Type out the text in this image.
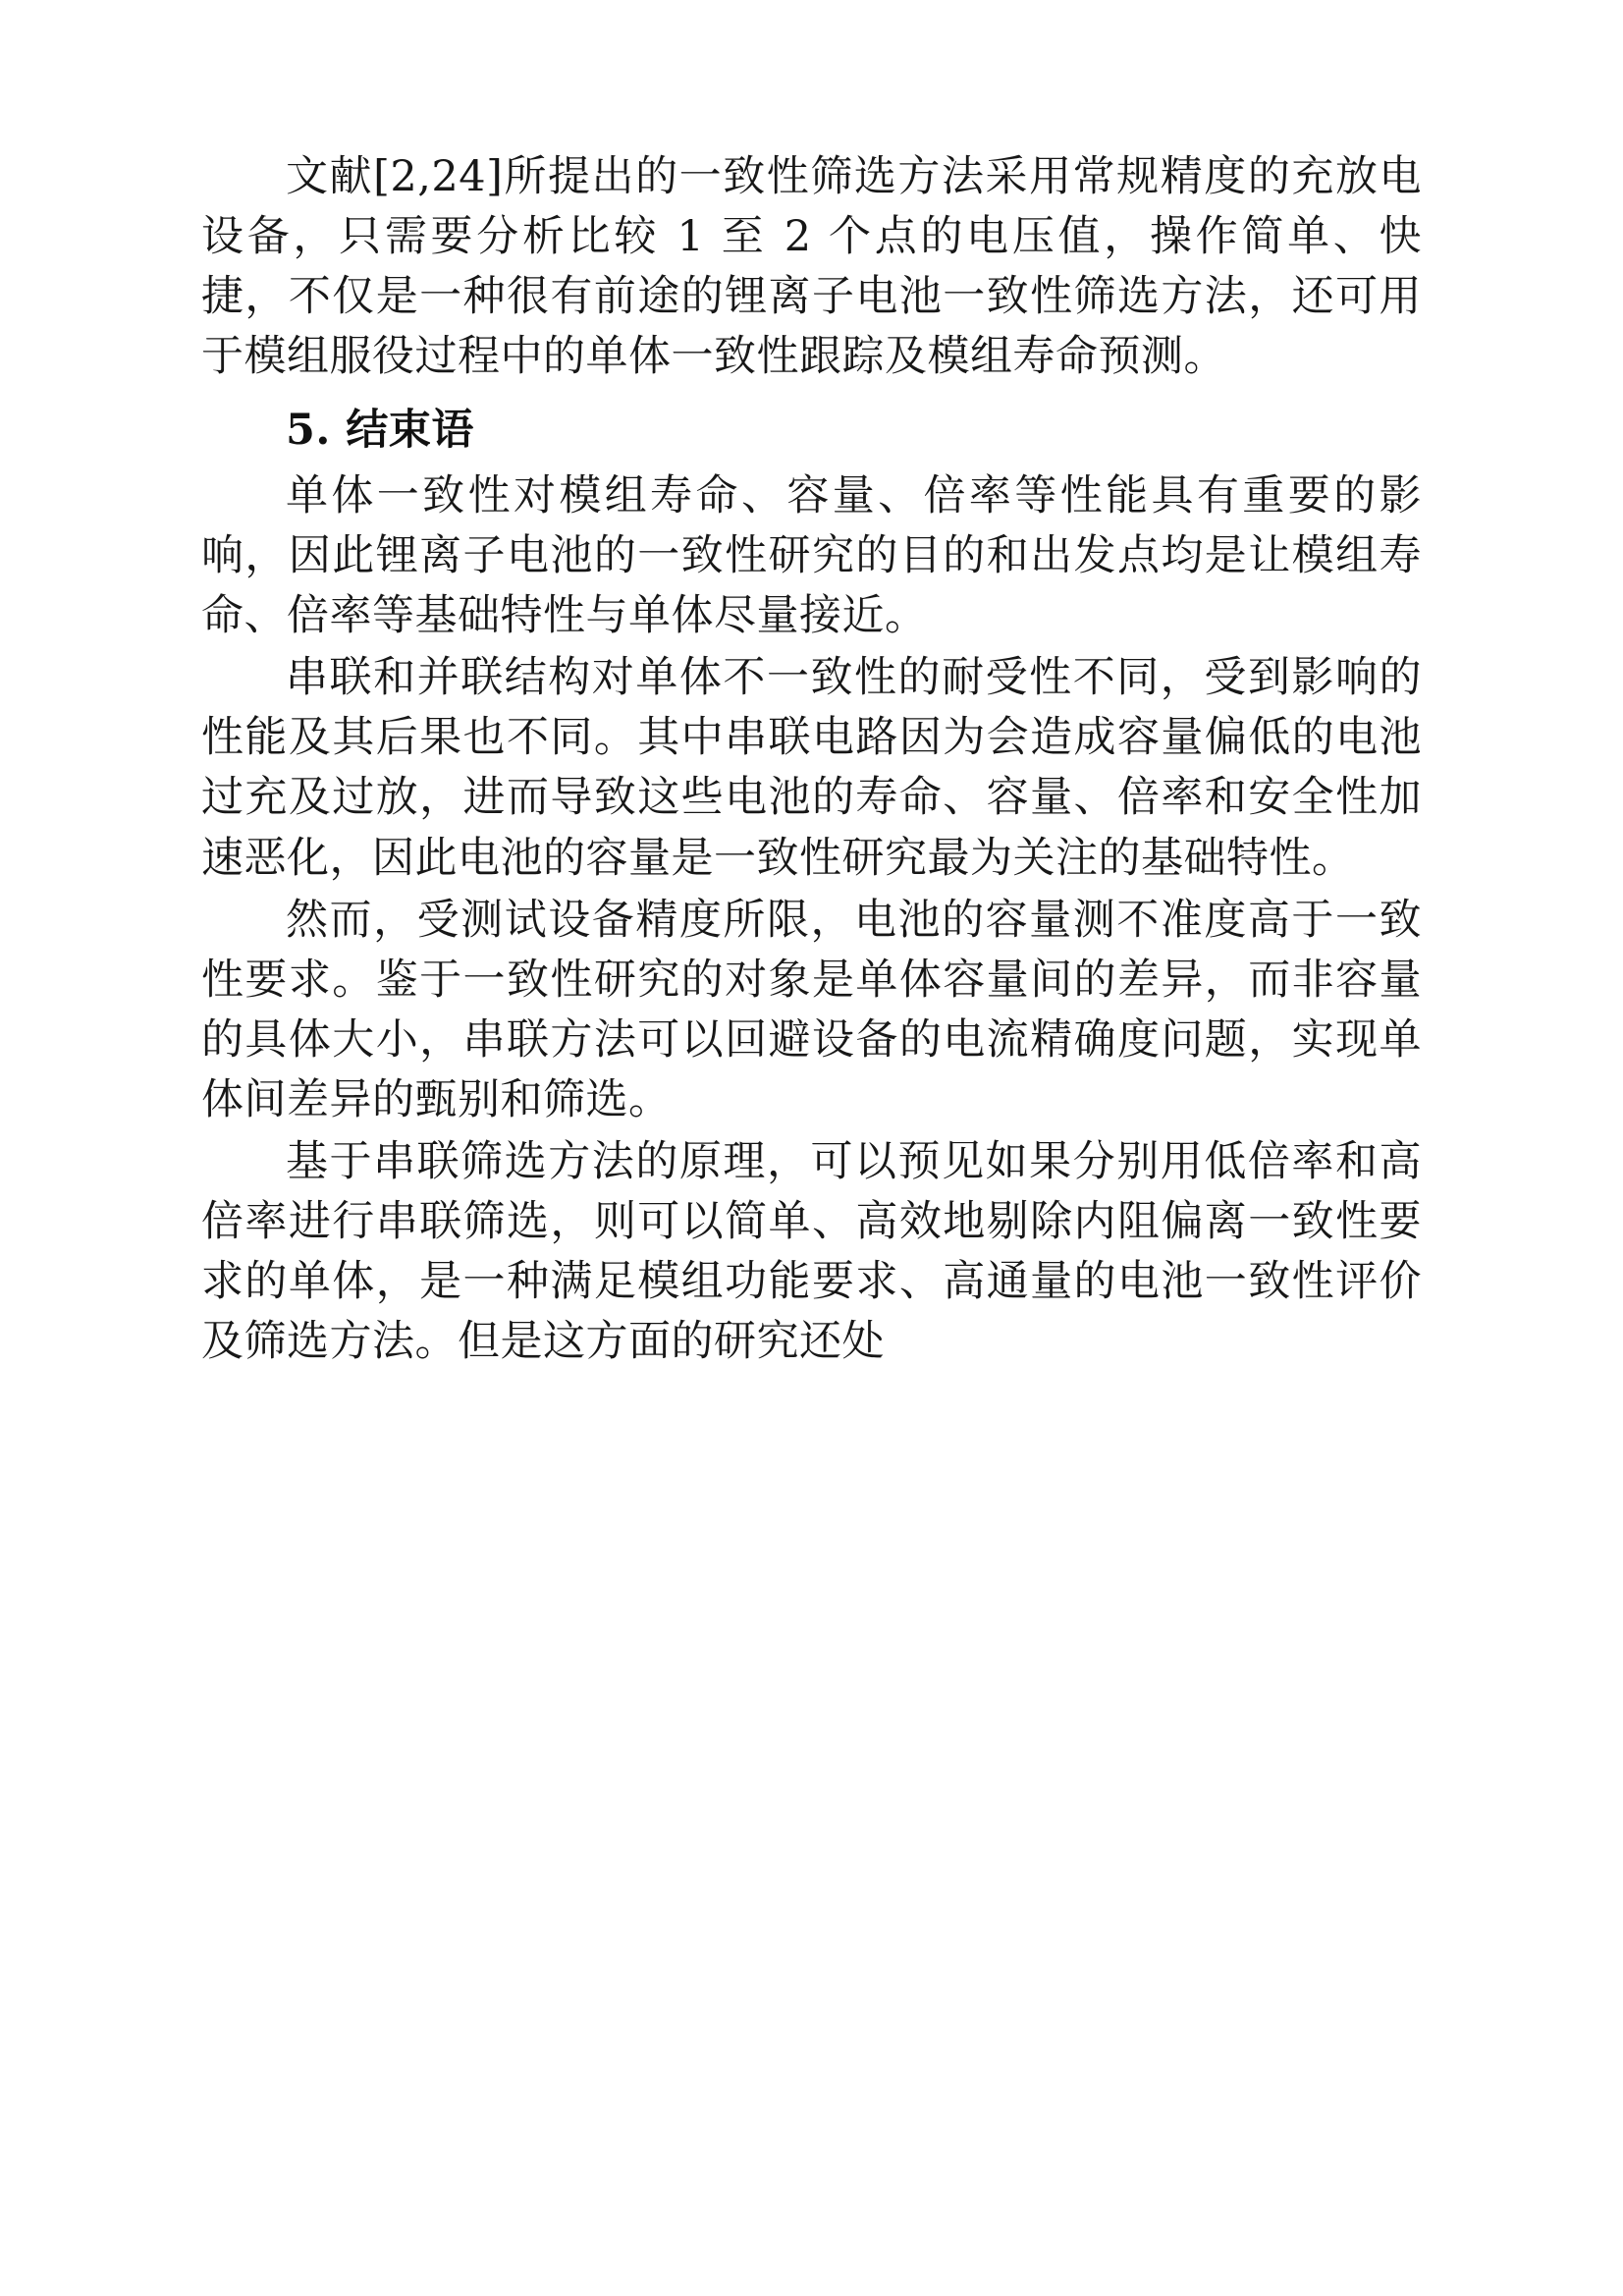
文献[2,24]所提出的一致性筛选方法采用常规精度的充放电设备，只需要分析比较 1 至 2 个点的电压值，操作简单、快捷，不仅是一种很有前途的锂离子电池一致性筛选方法，还可用于模组服役过程中的单体一致性跟踪及模组寿命预测。

5. 结束语

单体一致性对模组寿命、容量、倍率等性能具有重要的影响，因此锂离子电池的一致性研究的目的和出发点均是让模组寿命、倍率等基础特性与单体尽量接近。

串联和并联结构对单体不一致性的耐受性不同，受到影响的性能及其后果也不同。其中串联电路因为会造成容量偏低的电池过充及过放，进而导致这些电池的寿命、容量、倍率和安全性加速恶化，因此电池的容量是一致性研究最为关注的基础特性。

然而，受测试设备精度所限，电池的容量测不准度高于一致性要求。鉴于一致性研究的对象是单体容量间的差异，而非容量的具体大小，串联方法可以回避设备的电流精确度问题，实现单体间差异的甄别和筛选。

基于串联筛选方法的原理，可以预见如果分别用低倍率和高倍率进行串联筛选，则可以简单、高效地剔除内阻偏离一致性要求的单体，是一种满足模组功能要求、高通量的电池一致性评价及筛选方法。但是这方面的研究还处
